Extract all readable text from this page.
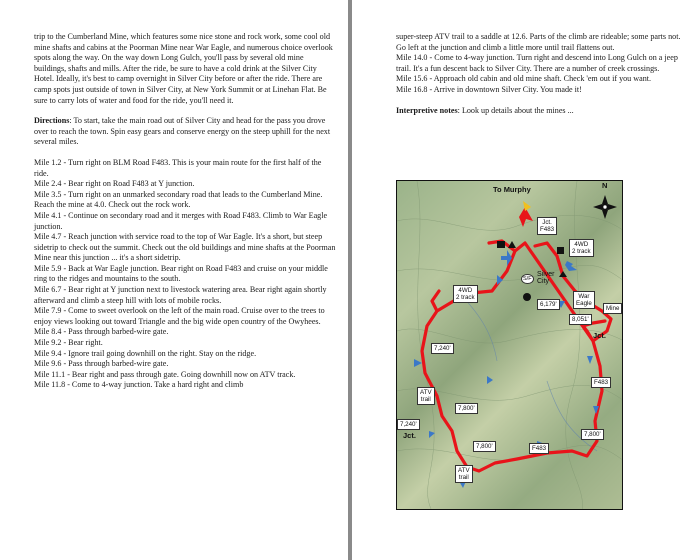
trip to the Cumberland Mine, which features some nice stone and rock work, some cool old mine shafts and cabins at the Poorman Mine near War Eagle, and numerous choice overlook spots along the way. On the way down Long Gulch, you'll pass by several old mine buildings, shafts and mills. After the ride, be sure to have a cold drink at the Silver City Hotel. Ideally, it's best to camp overnight in Silver City before or after the ride. There are camp spots just outside of town in Silver City, at New York Summit or at Linehan Flat. Be sure to carry lots of water and food for the ride, you'll need it.

Directions: To start, take the main road out of Silver City and head for the pass you drove over to reach the town. Spin easy gears and conserve energy on the steep uphill for the next several miles.

Mile 1.2 - Turn right on BLM Road F483. This is your main route for the first half of the ride.

Mile 2.4 - Bear right on Road F483 at Y junction.

Mile 3.5 - Turn right on an unmarked secondary road that leads to the Cumberland Mine. Reach the mine at 4.0. Check out the rock work.

Mile 4.1 - Continue on secondary road and it merges with Road F483. Climb to War Eagle junction.

Mile 4.7 - Reach junction with service road to the top of War Eagle. It's a short, but steep sidetrip to check out the summit. Check out the old buildings and mine shafts at the Poorman Mine near this junction ... it's a short sidetrip.

Mile 5.9 - Back at War Eagle junction. Bear right on Road F483 and cruise on your middle ring to the ridges and mountains to the south.

Mile 6.7 - Bear right at Y junction next to livestock watering area. Bear right again shortly afterward and climb a steep hill with lots of mobile rocks.

Mile 7.9 - Come to sweet overlook on the left of the main road. Cruise over to the trees to enjoy views looking out toward Triangle and the big wide open country of the Owyhees.

Mile 8.4 - Pass through barbed-wire gate.

Mile 9.2 - Bear right.

Mile 9.4 - Ignore trail going downhill on the right. Stay on the ridge.

Mile 9.6 - Pass through barbed-wire gate.

Mile 11.1 - Bear right and pass through gate. Going downhill now on ATV track.

Mile 11.8 - Come to 4-way junction. Take a hard right and climb

super-steep ATV trail to a saddle at 12.6. Parts of the climb are rideable; some parts not. Go left at the junction and climb a little more until trail flattens out.

Mile 14.0 - Come to 4-way junction. Turn right and descend into Long Gulch on a jeep trail. It's a fun descent back to Silver City. There are a number of creek crossings.

Mile 15.6 - Approach old cabin and old mine shaft. Check 'em out if you want.

Mile 16.8 - Arrive in downtown Silver City. You made it!

Interpretive notes: Look up details about the mines ...

To Murphy	N
Jct.
F483
4WD
2 track
4WD
2 track
S/F
Silver
City
6,179'
War
Eagle
8,051'
Mine
Jct.
7,240'
ATV
trail
7,800'
7,240'
Jct.
F483
7,800'
7,800'	F483
ATV
trail
